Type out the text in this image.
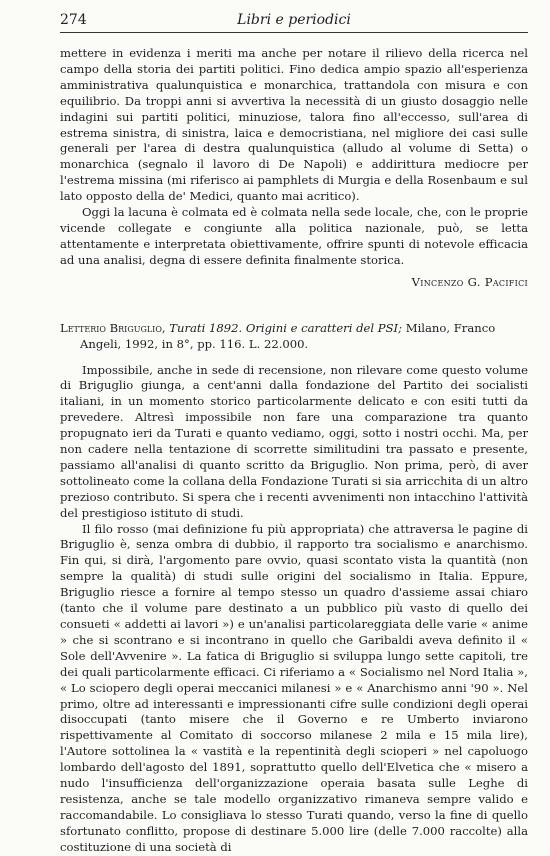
274	Libri e periodici

mettere in evidenza i meriti ma anche per notare il rilievo della ricerca nel campo della storia dei partiti politici. Fino dedica ampio spazio all'esperienza amministrativa qualunquistica e monarchica, trattandola con misura e con equilibrio. Da troppi anni si avvertiva la necessità di un giusto dosaggio nelle indagini sui partiti politici, minuziose, talora fino all'eccesso, sull'area di estrema sinistra, di sinistra, laica e democristiana, nel migliore dei casi sulle generali per l'area di destra qualunquistica (alludo al volume di Setta) o monarchica (segnalo il lavoro di De Napoli) e addirittura mediocre per l'estrema missina (mi riferisco ai pamphlets di Murgia e della Rosenbaum e sul lato opposto della de' Medici, quanto mai acritico).

Oggi la lacuna è colmata ed è colmata nella sede locale, che, con le proprie vicende collegate e congiunte alla politica nazionale, può, se letta attentamente e interpretata obiettivamente, offrire spunti di notevole efficacia ad una analisi, degna di essere definita finalmente storica.

Vincenzo G. Pacifici
Letterio Briguglio, Turati 1892. Origini e caratteri del PSI; Milano, Franco Angeli, 1992, in 8°, pp. 116. L. 22.000.

Impossibile, anche in sede di recensione, non rilevare come questo volume di Briguglio giunga, a cent'anni dalla fondazione del Partito dei socialisti italiani, in un momento storico particolarmente delicato e con esiti tutti da prevedere. Altresì impossibile non fare una comparazione tra quanto propugnato ieri da Turati e quanto vediamo, oggi, sotto i nostri occhi. Ma, per non cadere nella tentazione di scorrette similitudini tra passato e presente, passiamo all'analisi di quanto scritto da Briguglio. Non prima, però, di aver sottolineato come la collana della Fondazione Turati si sia arricchita di un altro prezioso contributo. Si spera che i recenti avvenimenti non intacchino l'attività del prestigioso istituto di studi.

Il filo rosso (mai definizione fu più appropriata) che attraversa le pagine di Briguglio è, senza ombra di dubbio, il rapporto tra socialismo e anarchismo. Fin qui, si dirà, l'argomento pare ovvio, quasi scontato vista la quantità (non sempre la qualità) di studi sulle origini del socialismo in Italia. Eppure, Briguglio riesce a fornire al tempo stesso un quadro d'assieme assai chiaro (tanto che il volume pare destinato a un pubblico più vasto di quello dei consueti « addetti ai lavori ») e un'analisi particolareggiata delle varie « anime » che si scontrano e si incontrano in quello che Garibaldi aveva definito il « Sole dell'Avvenire ». La fatica di Briguglio si sviluppa lungo sette capitoli, tre dei quali particolarmente efficaci. Ci riferiamo a « Socialismo nel Nord Italia », « Lo sciopero degli operai meccanici milanesi » e « Anarchismo anni '90 ». Nel primo, oltre ad interessanti e impressionanti cifre sulle condizioni degli operai disoccupati (tanto misere che il Governo e re Umberto inviarono rispettivamente al Comitato di soccorso milanese 2 mila e 15 mila lire), l'Autore sottolinea la « vastità e la repentinità degli scioperi » nel capoluogo lombardo dell'agosto del 1891, soprattutto quello dell'Elvetica che « misero a nudo l'insufficienza dell'organizzazione operaia basata sulle Leghe di resistenza, anche se tale modello organizzativo rimaneva sempre valido e raccomandabile. Lo consigliava lo stesso Turati quando, verso la fine di quello sfortunato conflitto, propose di destinare 5.000 lire (delle 7.000 raccolte) alla costituzione di una società di
